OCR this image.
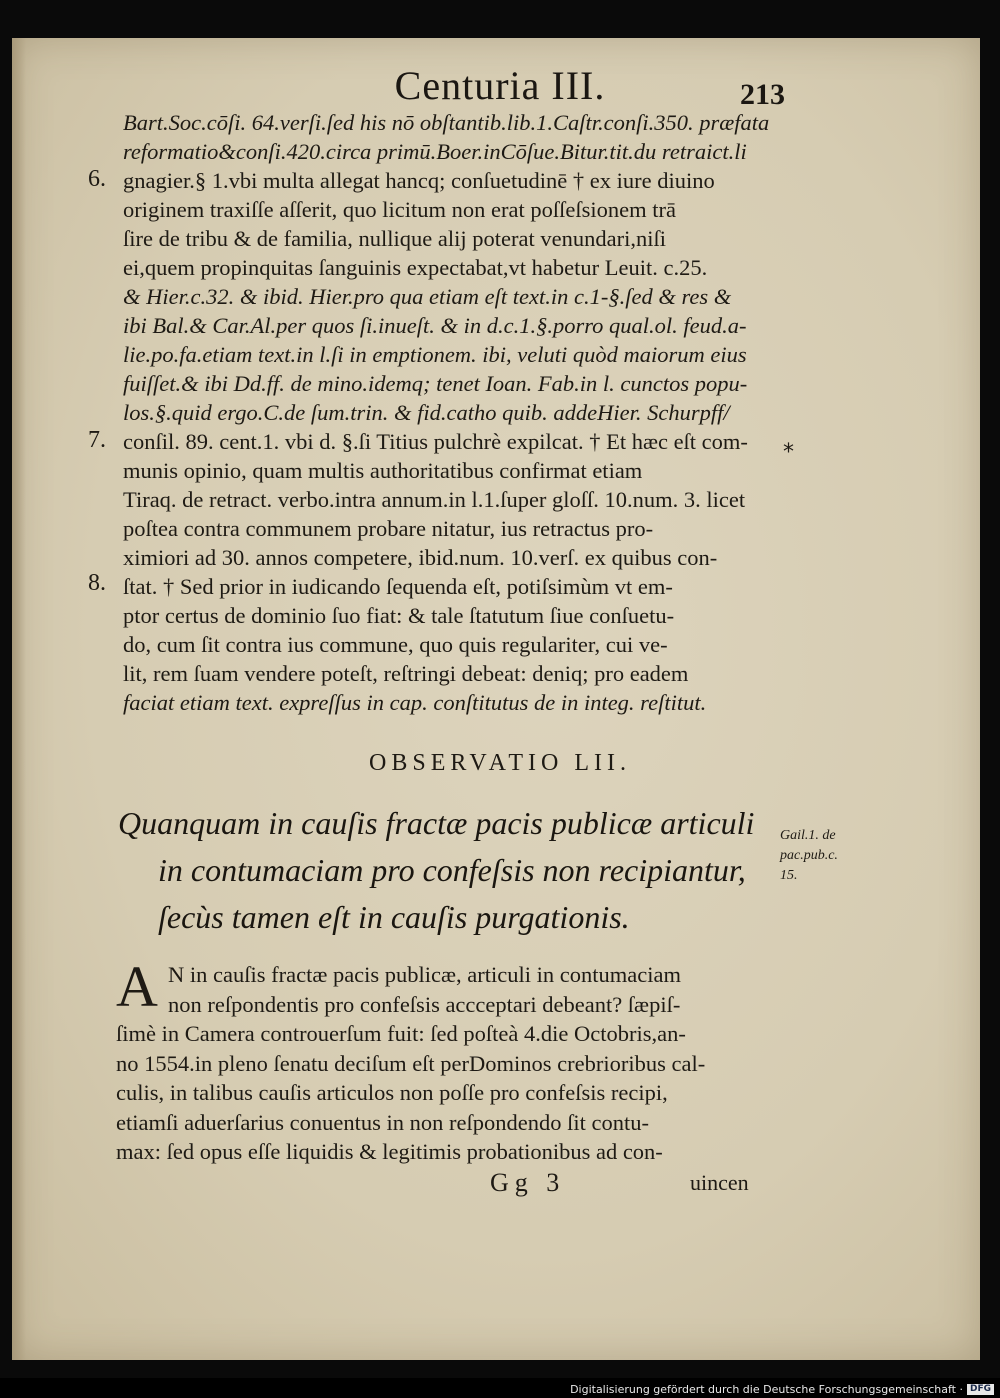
Centuria III.	213
6.
7.
8.
*
Bart.Soc.cōſi. 64.verſi.ſed his nō obſtantib.lib.1.Caſtr.conſi.350. præfata
reformatio&conſi.420.circa primū.Boer.inCōſue.Bitur.tit.du retraict.li
gnagier.§ 1.vbi multa allegat hancq; conſuetudinē † ex iure diuino
originem traxiſſe aſſerit, quo licitum non erat poſſeſsionem trā
ſire de tribu & de familia, nullique alij poterat venundari,niſi
ei,quem propinquitas ſanguinis expectabat,vt habetur Leuit. c.25.
& Hier.c.32. & ibid. Hier.pro qua etiam eſt text.in c.1-§.ſed & res &
ibi Bal.& Car.Al.per quos ſi.inueſt. & in d.c.1.§.porro qual.ol. feud.a-
lie.po.fa.etiam text.in l.ſi in emptionem. ibi, veluti quòd maiorum eius
fuiſſet.& ibi Dd.ff. de mino.idemq; tenet Ioan. Fab.in l. cunctos popu-
los.§.quid ergo.C.de ſum.trin. & fid.catho quib. addeHier. Schurpff/
conſil. 89. cent.1. vbi d. §.ſi Titius pulchrè expilcat. † Et hæc eſt com-
munis opinio, quam multis authoritatibus confirmat etiam
Tiraq. de retract. verbo.intra annum.in l.1.ſuper gloſſ. 10.num. 3. licet
poſtea contra communem probare nitatur, ius retractus pro-
ximiori ad 30. annos competere, ibid.num. 10.verſ. ex quibus con-
ſtat. † Sed prior in iudicando ſequenda eſt, potiſsimùm vt em-
ptor certus de dominio ſuo fiat: & tale ſtatutum ſiue conſuetu-
do, cum ſit contra ius commune, quo quis regulariter, cui ve-
lit, rem ſuam vendere poteſt, reſtringi debeat: deniq; pro eadem
faciat etiam text. expreſſus in cap. conſtitutus de in integ. reſtitut.
OBSERVATIO LII.
Quanquam in cauſis fractæ pacis publicæ articuli
in contumaciam pro confeſsis non recipiantur,
ſecùs tamen eſt in cauſis purgationis.
Gail.1. de
pac.pub.c.
15.
A N in cauſis fractæ pacis publicæ, articuli in contumaciam
non reſpondentis pro confeſsis accceptari debeant? ſæpiſ-
ſimè in Camera controuerſum fuit: ſed poſteà 4.die Octobris,an-
no 1554.in pleno ſenatu deciſum eſt perDominos crebrioribus cal-
culis, in talibus cauſis articulos non poſſe pro confeſsis recipi,
etiamſi aduerſarius conuentus in non reſpondendo ſit contu-
max: ſed opus eſſe liquidis & legitimis probationibus ad con-
Gg 3	uincen
Digitalisierung gefördert durch die Deutsche Forschungsgemeinschaft · DFG
